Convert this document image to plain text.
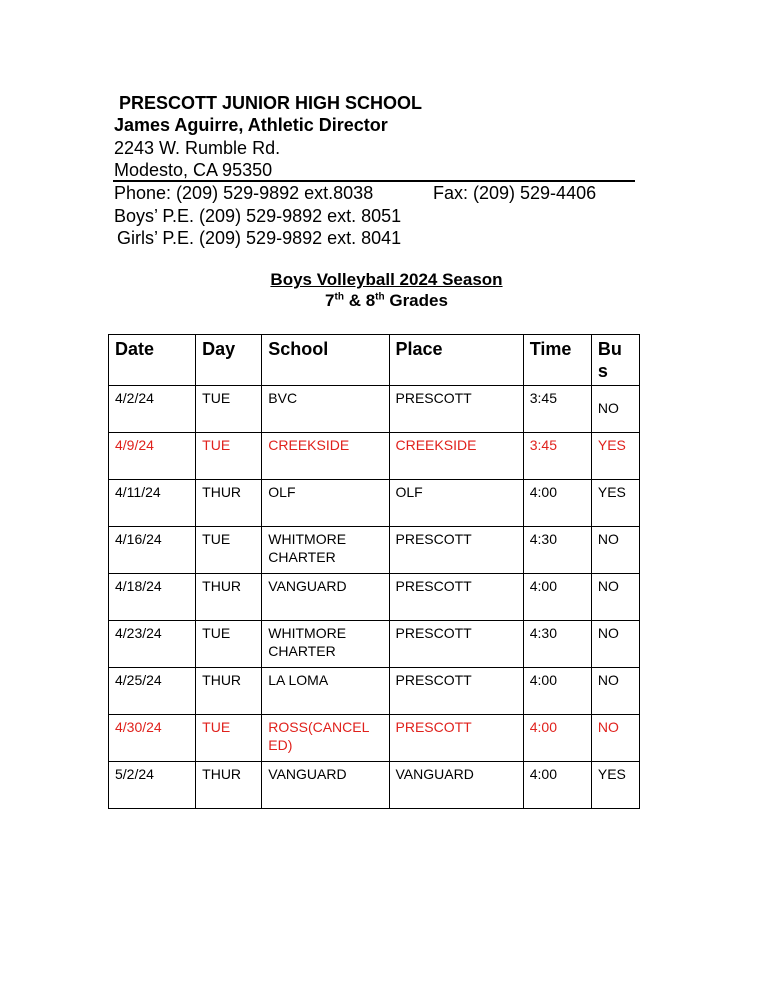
PRESCOTT JUNIOR HIGH SCHOOL
James Aguirre, Athletic Director
2243 W. Rumble Rd.
Modesto, CA 95350
Phone: (209) 529-9892 ext.8038	Fax: (209) 529-4406
Boys’ P.E. (209) 529-9892 ext. 8051
Girls’ P.E. (209) 529-9892 ext. 8041
Boys Volleyball 2024 Season
7th & 8th Grades
Date	Day	School	Place	Time	Bu s
4/2/24	TUE	BVC	PRESCOTT	3:45	NO

4/9/24	TUE	CREEKSIDE	CREEKSIDE	3:45	YES
4/11/24	THUR	OLF	OLF	4:00	YES
4/16/24	TUE	WHITMORE CHARTER	PRESCOTT	4:30	NO
4/18/24	THUR	VANGUARD	PRESCOTT	4:00	NO
4/23/24	TUE	WHITMORE CHARTER	PRESCOTT	4:30	NO
4/25/24	THUR	LA LOMA	PRESCOTT	4:00	NO
4/30/24	TUE	ROSS(CANCEL ED)	PRESCOTT	4:00	NO
5/2/24	THUR	VANGUARD	VANGUARD	4:00	YES
